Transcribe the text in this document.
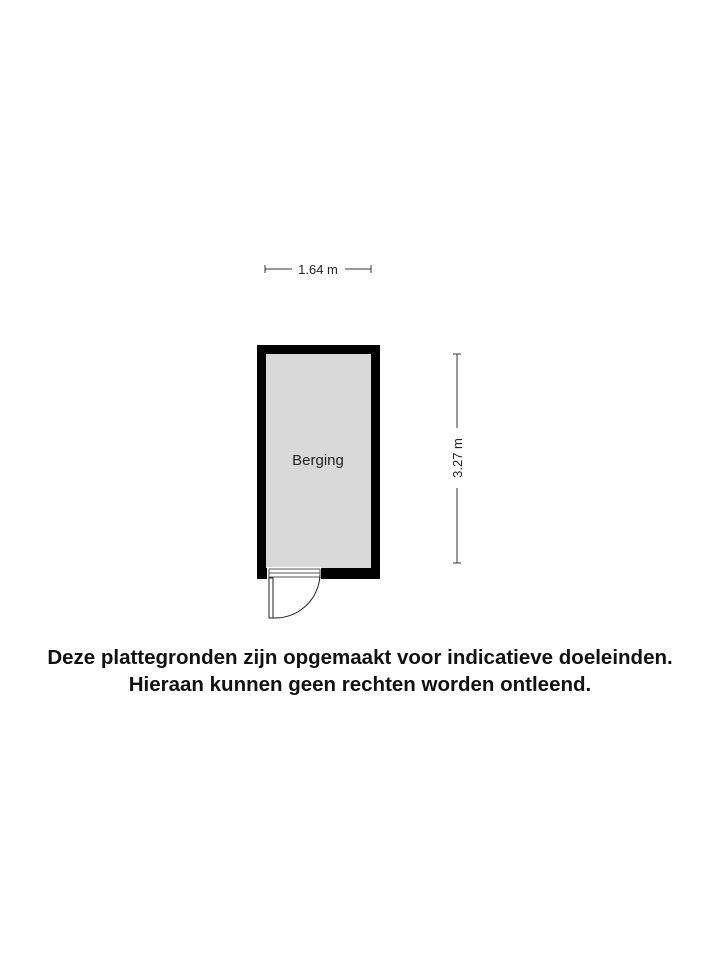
1.64 m
3.27 m
Berging
Deze plattegronden zijn opgemaakt voor indicatieve doeleinden.
Hieraan kunnen geen rechten worden ontleend.
